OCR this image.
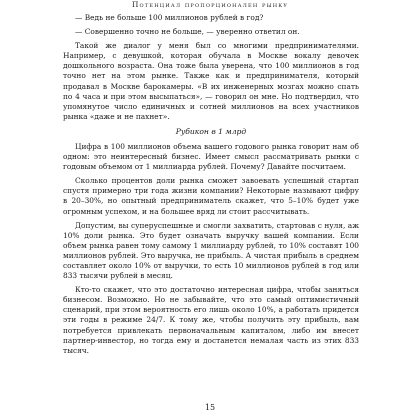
Потенциал пропорционален рынку

— Ведь не больше 100 миллионов рублей в год?

— Совершенно точно не больше, — уверенно ответил он.

Такой же диалог у меня был со многими предпринимателями. Например, с девушкой, которая обучала в Москве вокалу девочек дошкольного возраста. Она тоже была уверена, что 100 миллионов в год точно нет на этом рынке. Также как и предпринимателя, который продавал в Москве барокамеры. «В их инженерных мозгах можно спать по 4 часа и при этом высыпаться», — говорил он мне. Но подтвердил, что упомянутое число единичных и сотней миллионов на всех участников рынка «даже и не пахнет».

Рубикон в 1 млрд

Цифра в 100 миллионов объема вашего годового рынка говорит нам об одном: это неинтересный бизнес. Имеет смысл рассматривать рынки с годовым объемом от 1 миллиарда рублей. Почему? Давайте посчитаем.

Сколько процентов доли рынка сможет завоевать успешный стартап спустя примерно три года жизни компании? Некоторые называют цифру в 20–30%, но опытный предприниматель скажет, что 5–10% будет уже огромным успехом, и на большее вряд ли стоит рассчитывать.

Допустим, вы суперуспешные и смогли захватить, стартовав с нуля, аж 10% доли рынка. Это будет означать выручку вашей компании. Если объем рынка равен тому самому 1 миллиарду рублей, то 10% составят 100 миллионов рублей. Это выручка, не прибыль. А чистая прибыль в среднем составляет около 10% от выручки, то есть 10 миллионов рублей в год или 833 тысячи рублей в месяц.

Кто-то скажет, что это достаточно интересная цифра, чтобы заняться бизнесом. Возможно. Но не забывайте, что это самый оптимистичный сценарий, при этом вероятность его лишь около 10%, а работать придется эти годы в режиме 24/7. К тому же, чтобы получить эту прибыль, вам потребуется привлекать первоначальным капиталом, либо им внесет партнер-инвестор, но тогда ему и достанется немалая часть из этих 833 тысяч.

15
